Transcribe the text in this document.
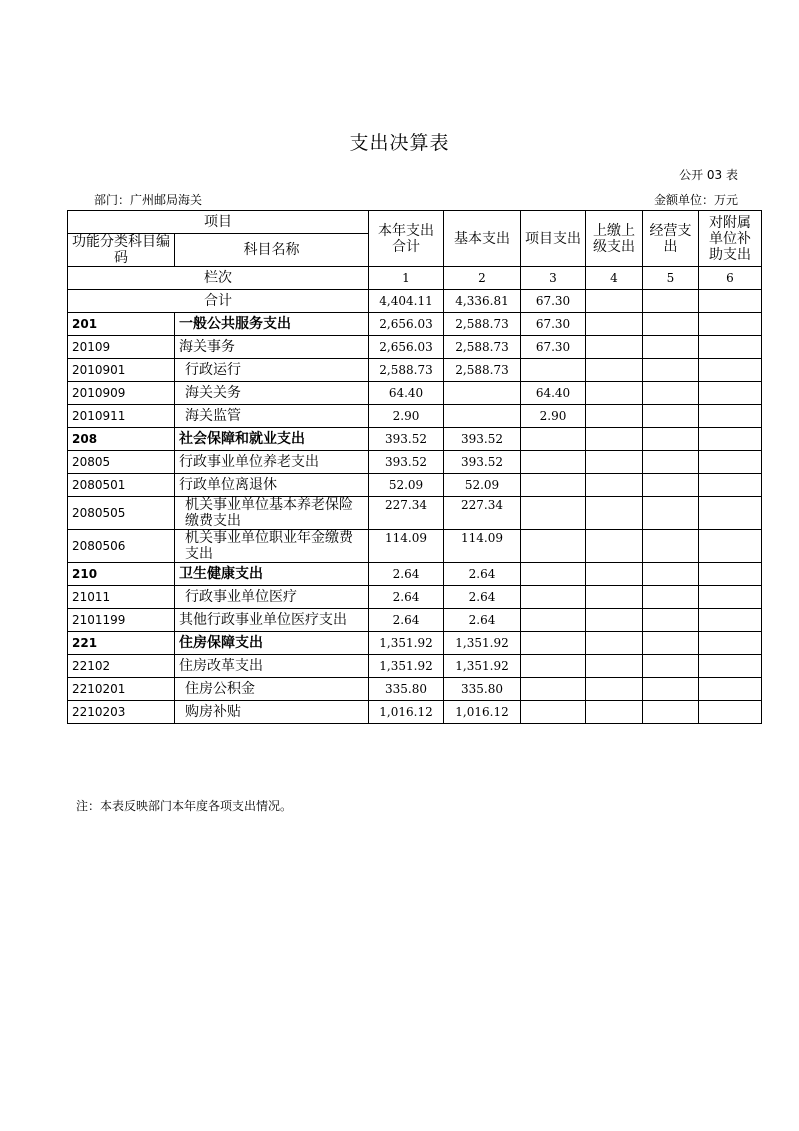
支出决算表
公开 03 表
部门：广州邮局海关	金额单位：万元
项目		本年支出合计	基本支出	项目支出	上缴上级支出	经营支出	对附属单位补助支出
功能分类科目编码	科目名称						
栏次		1	2	3	4	5	6
合计		4,404.11	4,336.81	67.30			
201	一般公共服务支出	2,656.03	2,588.73	67.30			
20109	海关事务	2,656.03	2,588.73	67.30			
2010901	行政运行	2,588.73	2,588.73				
2010909	海关关务	64.40		64.40			
2010911	海关监管	2.90		2.90			
208	社会保障和就业支出	393.52	393.52				
20805	行政事业单位养老支出	393.52	393.52				
2080501	行政单位离退休	52.09	52.09				
2080505	机关事业单位基本养老保险缴费支出	227.34	227.34				
2080506	机关事业单位职业年金缴费支出	114.09	114.09				
210	卫生健康支出	2.64	2.64				
21011	行政事业单位医疗	2.64	2.64				
2101199	其他行政事业单位医疗支出	2.64	2.64				
221	住房保障支出	1,351.92	1,351.92				
22102	住房改革支出	1,351.92	1,351.92				
2210201	住房公积金	335.80	335.80				
2210203	购房补贴	1,016.12	1,016.12				
注：本表反映部门本年度各项支出情况。
